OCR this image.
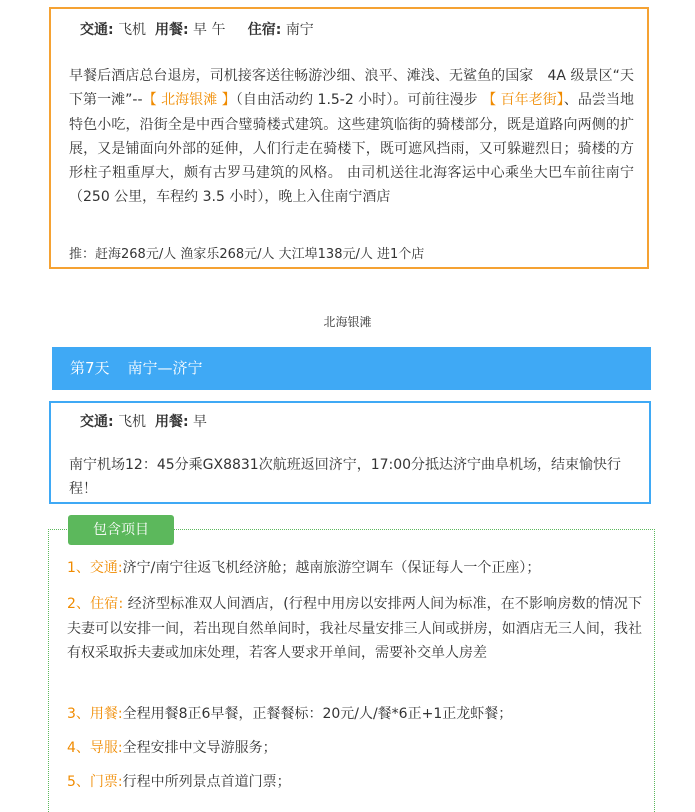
交通: 飞机 用餐: 早 午 住宿: 南宁
早餐后酒店总台退房，司机接客送往畅游沙细、浪平、滩浅、无鲨鱼的国家　4A 级景区“天下第一滩”--【 北海银滩 】（自由活动约 1.5-2 小时）。可前往漫步 【 百年老街】、品尝当地特色小吃，沿街全是中西合璧骑楼式建筑。这些建筑临街的骑楼部分，既是道路向两侧的扩展，又是铺面向外部的延伸，人们行走在骑楼下，既可遮风挡雨，又可躲避烈日；骑楼的方形柱子粗重厚大，颇有古罗马建筑的风格。 由司机送往北海客运中心乘坐大巴车前往南宁（250 公里，车程约 3.5 小时），晚上入住南宁酒店
推：赶海268元/人 渔家乐268元/人 大江埠138元/人 进1个店
北海银滩
第7天 南宁—济宁
交通: 飞机 用餐: 早
南宁机场12：45分乘GX8831次航班返回济宁，17:00分抵达济宁曲阜机场，结束愉快行程！
包含项目
1、交通:济宁/南宁往返飞机经济舱；越南旅游空调车（保证每人一个正座）；
2、住宿: 经济型标准双人间酒店，(行程中用房以安排两人间为标准，在不影响房数的情况下夫妻可以安排一间，若出现自然单间时，我社尽量安排三人间或拼房，如酒店无三人间，我社有权采取拆夫妻或加床处理，若客人要求开单间，需要补交单人房差
3、用餐:全程用餐8正6早餐，正餐餐标：20元/人/餐*6正+1正龙虾餐；
4、导服:全程安排中文导游服务；
5、门票:行程中所列景点首道门票；
